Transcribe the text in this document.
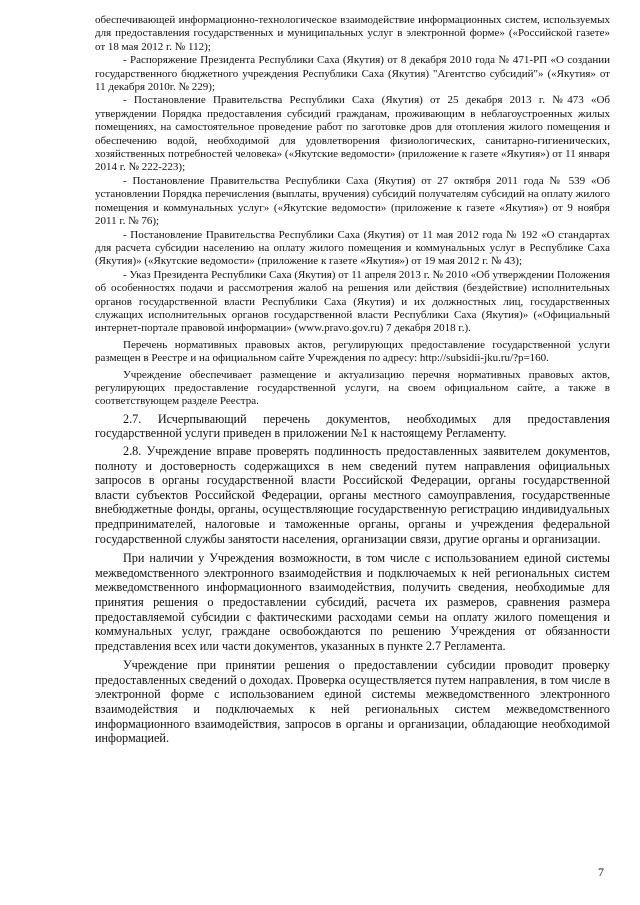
обеспечивающей информационно-технологическое взаимодействие информационных систем, используемых для предоставления государственных и муниципальных услуг в электронной форме» («Российской газете» от 18 мая 2012 г. № 112);

- Распоряжение Президента Республики Саха (Якутия) от 8 декабря 2010 года № 471-РП «О создании государственного бюджетного учреждения Республики Саха (Якутия) "Агентство субсидий"» («Якутия» от 11 декабря 2010г. № 229);

- Постановление Правительства Республики Саха (Якутия) от 25 декабря 2013 г. №473 «Об утверждении Порядка предоставления субсидий гражданам, проживающим в неблагоустроенных жилых помещениях, на самостоятельное проведение работ по заготовке дров для отопления жилого помещения и обеспечению водой, необходимой для удовлетворения физиологических, санитарно-гигиенических, хозяйственных потребностей человека» («Якутские ведомости» (приложение к газете «Якутия») от 11 января 2014 г. № 222-223);

- Постановление Правительства Республики Саха (Якутия) от 27 октября 2011 года № 539 «Об установлении Порядка перечисления (выплаты, вручения) субсидий получателям субсидий на оплату жилого помещения и коммунальных услуг» («Якутские ведомости» (приложение к газете «Якутия») от 9 ноября 2011 г. № 76);

- Постановление Правительства Республики Саха (Якутия) от 11 мая 2012 года № 192 «О стандартах для расчета субсидии населению на оплату жилого помещения и коммунальных услуг в Республике Саха (Якутия)» («Якутские ведомости» (приложение к газете «Якутия») от 19 мая 2012 г. № 43);

- Указ Президента Республики Саха (Якутия) от 11 апреля 2013 г. № 2010 «Об утверждении Положения об особенностях подачи и рассмотрения жалоб на решения или действия (бездействие) исполнительных органов государственной власти Республики Саха (Якутия) и их должностных лиц, государственных служащих исполнительных органов государственной власти Республики Саха (Якутия)» («Официальный интернет-портале правовой информации» (www.pravo.gov.ru) 7 декабря 2018 г.).

Перечень нормативных правовых актов, регулирующих предоставление государственной услуги размещен в Реестре и на официальном сайте Учреждения по адресу: http://subsidii-jku.ru/?p=160.

Учреждение обеспечивает размещение и актуализацию перечня нормативных правовых актов, регулирующих предоставление государственной услуги, на своем официальном сайте, а также в соответствующем разделе Реестра.

2.7. Исчерпывающий перечень документов, необходимых для предоставления государственной услуги приведен в приложении №1 к настоящему Регламенту.

2.8. Учреждение вправе проверять подлинность предоставленных заявителем документов, полноту и достоверность содержащихся в нем сведений путем направления официальных запросов в органы государственной власти Российской Федерации, органы государственной власти субъектов Российской Федерации, органы местного самоуправления, государственные внебюджетные фонды, органы, осуществляющие государственную регистрацию индивидуальных предпринимателей, налоговые и таможенные органы, органы и учреждения федеральной государственной службы занятости населения, организации связи, другие органы и организации.

При наличии у Учреждения возможности, в том числе с использованием единой системы межведомственного электронного взаимодействия и подключаемых к ней региональных систем межведомственного информационного взаимодействия, получить сведения, необходимые для принятия решения о предоставлении субсидий, расчета их размеров, сравнения размера предоставляемой субсидии с фактическими расходами семьи на оплату жилого помещения и коммунальных услуг, граждане освобождаются по решению Учреждения от обязанности представления всех или части документов, указанных в пункте 2.7 Регламента.

Учреждение при принятии решения о предоставлении субсидии проводит проверку предоставленных сведений о доходах. Проверка осуществляется путем направления, в том числе в электронной форме с использованием единой системы межведомственного электронного взаимодействия и подключаемых к ней региональных систем межведомственного информационного взаимодействия, запросов в органы и организации, обладающие необходимой информацией.

7
